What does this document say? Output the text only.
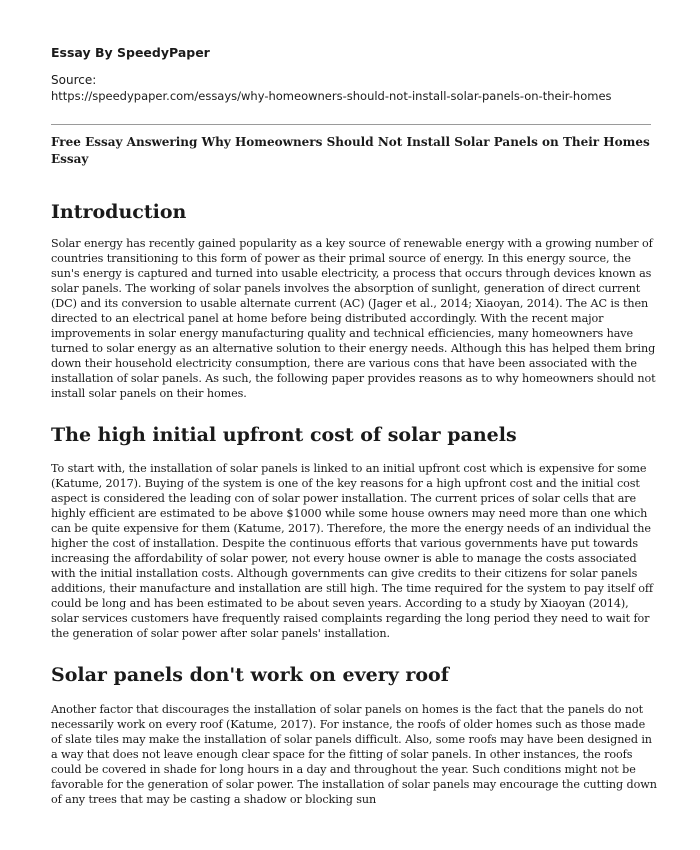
Essay By SpeedyPaper

Source:

https://speedypaper.com/essays/why-homeowners-should-not-install-solar-panels-on-their-homes
Free Essay Answering Why Homeowners Should Not Install Solar Panels on Their Homes Essay
Introduction

Solar energy has recently gained popularity as a key source of renewable energy with a growing number of countries transitioning to this form of power as their primal source of energy. In this energy source, the sun's energy is captured and turned into usable electricity, a process that occurs through devices known as solar panels. The working of solar panels involves the absorption of sunlight, generation of direct current (DC) and its conversion to usable alternate current (AC) (Jager et al., 2014; Xiaoyan, 2014). The AC is then directed to an electrical panel at home before being distributed accordingly. With the recent major improvements in solar energy manufacturing quality and technical efficiencies, many homeowners have turned to solar energy as an alternative solution to their energy needs. Although this has helped them bring down their household electricity consumption, there are various cons that have been associated with the installation of solar panels. As such, the following paper provides reasons as to why homeowners should not install solar panels on their homes.

The high initial upfront cost of solar panels

To start with, the installation of solar panels is linked to an initial upfront cost which is expensive for some (Katume, 2017). Buying of the system is one of the key reasons for a high upfront cost and the initial cost aspect is considered the leading con of solar power installation. The current prices of solar cells that are highly efficient are estimated to be above $1000 while some house owners may need more than one which can be quite expensive for them (Katume, 2017). Therefore, the more the energy needs of an individual the higher the cost of installation. Despite the continuous efforts that various governments have put towards increasing the affordability of solar power, not every house owner is able to manage the costs associated with the initial installation costs. Although governments can give credits to their citizens for solar panels additions, their manufacture and installation are still high. The time required for the system to pay itself off could be long and has been estimated to be about seven years. According to a study by Xiaoyan (2014), solar services customers have frequently raised complaints regarding the long period they need to wait for the generation of solar power after solar panels' installation.

Solar panels don't work on every roof

Another factor that discourages the installation of solar panels on homes is the fact that the panels do not necessarily work on every roof (Katume, 2017). For instance, the roofs of older homes such as those made of slate tiles may make the installation of solar panels difficult. Also, some roofs may have been designed in a way that does not leave enough clear space for the fitting of solar panels. In other instances, the roofs could be covered in shade for long hours in a day and throughout the year. Such conditions might not be favorable for the generation of solar power. The installation of solar panels may encourage the cutting down of any trees that may be casting a shadow or blocking sun
